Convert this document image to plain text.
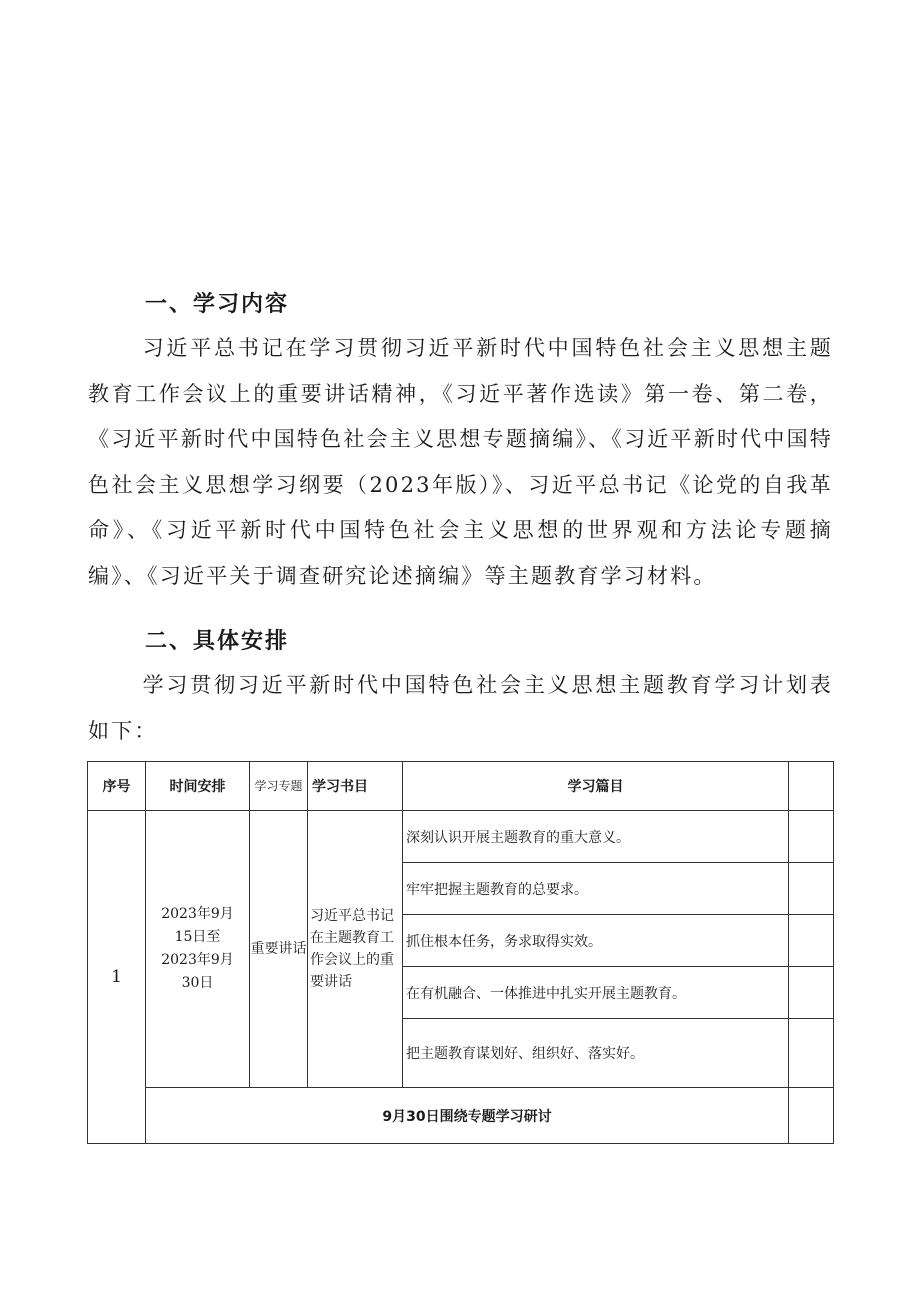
一、学习内容

习近平总书记在学习贯彻习近平新时代中国特色社会主义思想主题教育工作会议上的重要讲话精神，《习近平著作选读》第一卷、第二卷，《习近平新时代中国特色社会主义思想专题摘编》、《习近平新时代中国特色社会主义思想学习纲要（2023年版）》、习近平总书记《论党的自我革命》、《习近平新时代中国特色社会主义思想的世界观和方法论专题摘编》、《习近平关于调查研究论述摘编》等主题教育学习材料。

二、具体安排

学习贯彻习近平新时代中国特色社会主义思想主题教育学习计划表如下：

序号	时间安排	学习专题	学习书目	学习篇目	
1	2023年9月
15日至
2023年9月
30日	重要讲话	习近平总书记在主题教育工作会议上的重要讲话	深刻认识开展主题教育的重大意义。	
				牢牢把握主题教育的总要求。	
				抓住根本任务，务求取得实效。	
				在有机融合、一体推进中扎实开展主题教育。	
				把主题教育谋划好、组织好、落实好。	
	9月30日围绕专题学习研讨				
